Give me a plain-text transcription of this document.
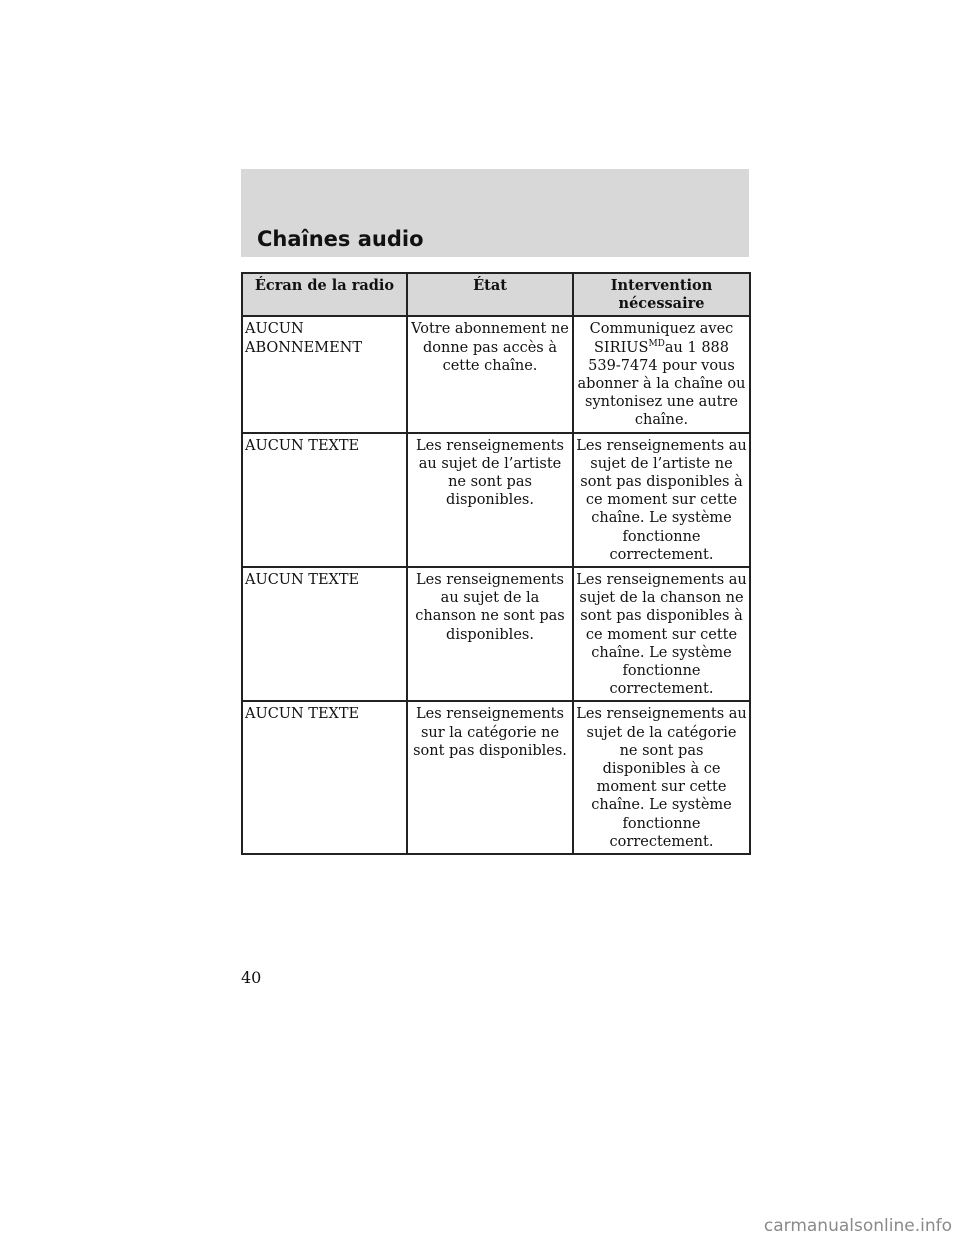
Chaînes audio
Écran de la radio	État	Intervention nécessaire
AUCUN ABONNEMENT	Votre abonnement ne donne pas accès à cette chaîne.	Communiquez avec $SIRIUS^{MD}au$ 1 888 539-7474 pour vous abonner à la chaîne ou syntonisez une autre chaîne.
AUCUN TEXTE	Les renseignements au sujet de l’artiste ne sont pas disponibles.	Les renseignements au sujet de l’artiste ne sont pas disponibles à ce moment sur cette chaîne. Le système fonctionne correctement.
AUCUN TEXTE	Les renseignements au sujet de la chanson ne sont pas disponibles.	Les renseignements au sujet de la chanson ne sont pas disponibles à ce moment sur cette chaîne. Le système fonctionne correctement.
AUCUN TEXTE	Les renseignements sur la catégorie ne sont pas disponibles.	Les renseignements au sujet de la catégorie ne sont pas disponibles à ce moment sur cette chaîne. Le système fonctionne correctement.
40
carmanualsonline.info
